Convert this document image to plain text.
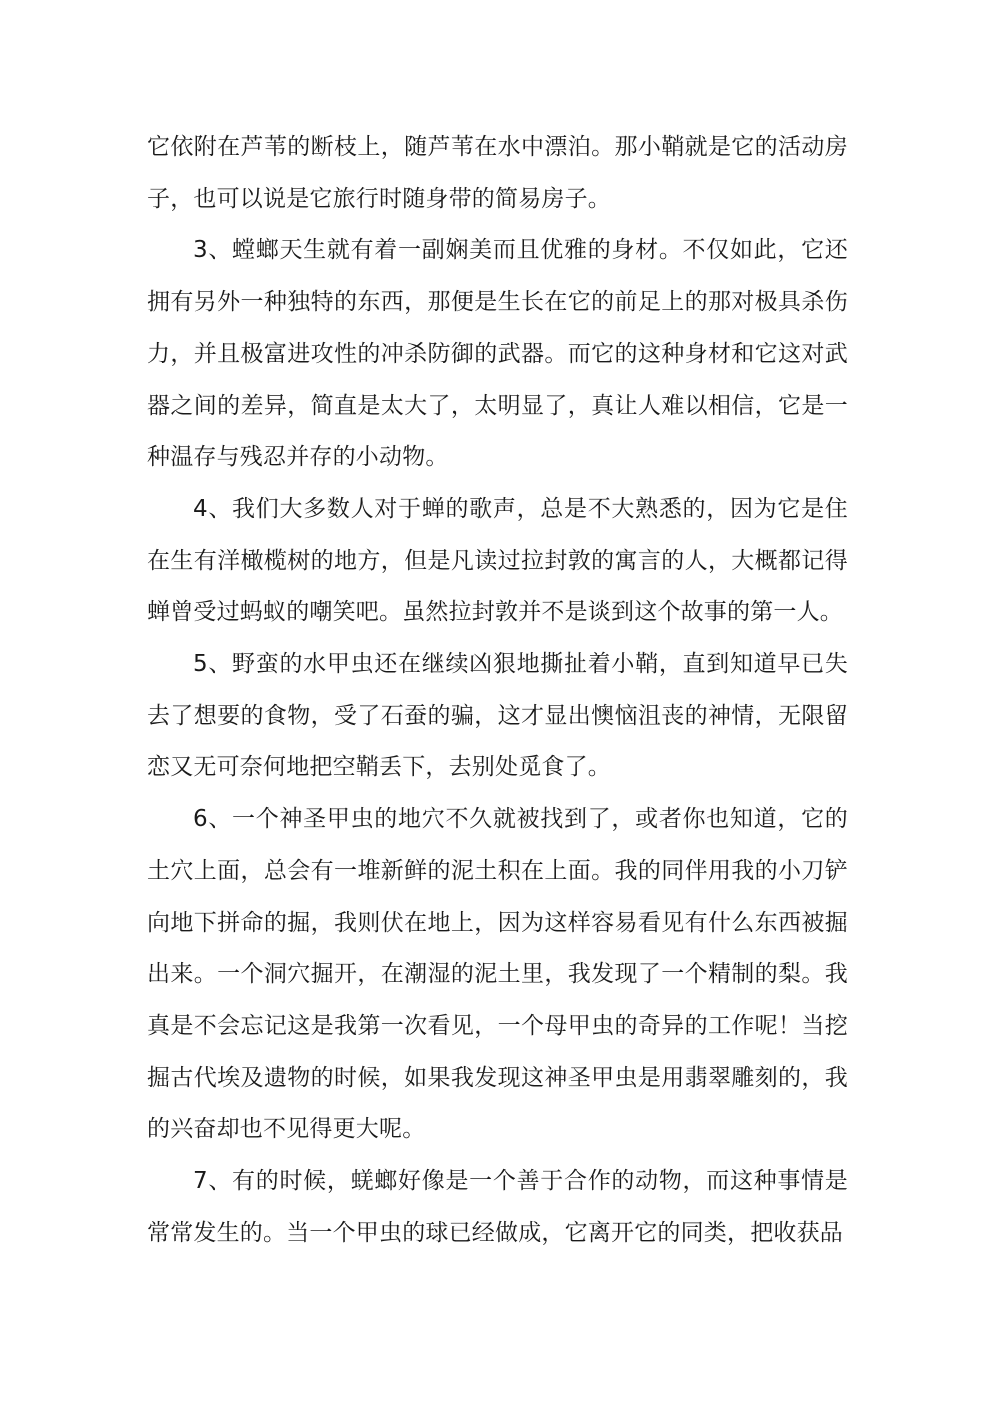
它依附在芦苇的断枝上，随芦苇在水中漂泊。那小鞘就是它的活动房子，也可以说是它旅行时随身带的简易房子。

3、螳螂天生就有着一副娴美而且优雅的身材。不仅如此，它还拥有另外一种独特的东西，那便是生长在它的前足上的那对极具杀伤力，并且极富进攻性的冲杀防御的武器。而它的这种身材和它这对武器之间的差异，简直是太大了，太明显了，真让人难以相信，它是一种温存与残忍并存的小动物。

4、我们大多数人对于蝉的歌声，总是不大熟悉的，因为它是住在生有洋橄榄树的地方，但是凡读过拉封敦的寓言的人，大概都记得蝉曾受过蚂蚁的嘲笑吧。虽然拉封敦并不是谈到这个故事的第一人。

5、野蛮的水甲虫还在继续凶狠地撕扯着小鞘，直到知道早已失去了想要的食物，受了石蚕的骗，这才显出懊恼沮丧的神情，无限留恋又无可奈何地把空鞘丢下，去别处觅食了。

6、一个神圣甲虫的地穴不久就被找到了，或者你也知道，它的土穴上面，总会有一堆新鲜的泥土积在上面。我的同伴用我的小刀铲向地下拼命的掘，我则伏在地上，因为这样容易看见有什么东西被掘出来。一个洞穴掘开，在潮湿的泥土里，我发现了一个精制的梨。我真是不会忘记这是我第一次看见，一个母甲虫的奇异的工作呢！当挖掘古代埃及遗物的时候，如果我发现这神圣甲虫是用翡翠雕刻的，我的兴奋却也不见得更大呢。

7、有的时候，蜣螂好像是一个善于合作的动物，而这种事情是常常发生的。当一个甲虫的球已经做成，它离开它的同类，把收获品
